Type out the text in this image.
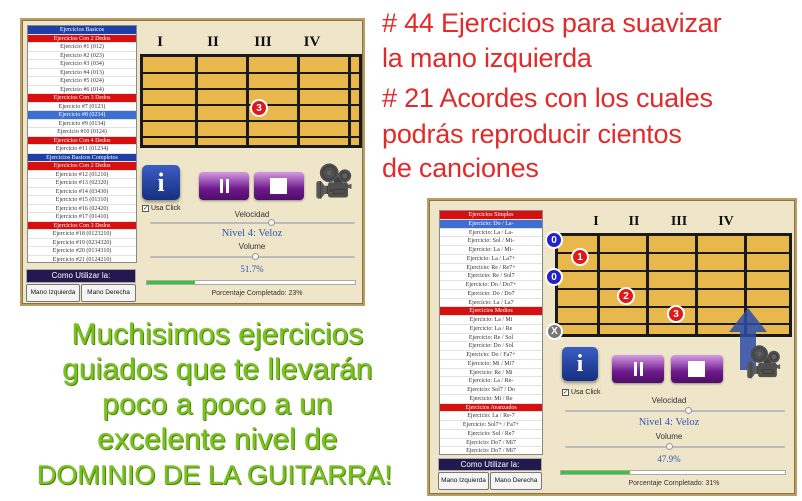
Ejercicios Basicos
Ejercicios Con 2 Dedos
Ejercicio #1 (012)
Ejercicio #2 (023)
Ejercicio #3 (034)
Ejercicio #4 (013)
Ejercicio #5 (024)
Ejercicio #6 (014)
Ejercicios Con 3 Dedos
Ejercicio #7 (0123)
Ejercicio #8 (0234)
Ejercicio #9 (0134)
Ejercicio #10 (0124)
Ejercicios Con 4 Dedos
Ejercicio #11 (01234)
Ejercicios Basicos Completos
Ejercicios Con 2 Dedos
Ejercicio #12 (01210)
Ejercicio #13 (02320)
Ejercicio #14 (03430)
Ejercicio #15 (01310)
Ejercicio #16 (02420)
Ejercicio #17 (01410)
Ejercicios Con 3 Dedos
Ejercicio #18 (0123210)
Ejercicio #19 (0234320)
Ejercicio #20 (0134310)
Ejercicio #21 (0124210)
I	II	III	IV
3
i	🎥
✓ Usa Click
Velocidad
Nivel 4: Veloz
Volume
51.7%
Porcentaje Completado: 23%
Como Utilizar la:
Mano Izquierda	Mano Derecha
Ejercicios Simples
Ejercicio: Do / La-
Ejercicio: La / La-
Ejercicio: Sol / Mi-
Ejercicio: La / Mi-
Ejercicio: La / La7+
Ejercicio: Re / Re7+
Ejercicio: Re / Sol7
Ejercicio: Do / Do7+
Ejercicio: Do / Do7
Ejercicio: La / La7
Ejercicios Medios
Ejercicio: La / Mi
Ejercicio: La / Re
Ejercicio: Re / Sol
Ejercicio: Do / Sol
Ejercicio: Do / Fa7+
Ejercicio: Mi / Mi7
Ejercicio: Re / Mi
Ejercicio: La / Re-
Ejercicio: Sol7 / Do
Ejercicio: Mi / Re
Ejercicios Avanzados
Ejercicio: La / Re-7
Ejercicio: Sol7+ / Fa7+
Ejercicio: Sol / Re7
Ejercicio: Do7 / Mi7
Ejercicio: Do7 / Mi7
I	II	III	IV
0
0
1
2
3
X
i	🎥
✓ Usa Click
Velocidad
Nivel 4: Veloz
Volume
47.9%
Porcentaje Completado: 31%
Como Utilizar la:
Mano Izquierda	Mano Derecha
# 44 Ejercicios para suavizar
la mano izquierda
# 21 Acordes con los cuales
podrás reproducir cientos
de canciones
Muchisimos ejercicios
guiados que te llevarán
poco a poco a un
excelente nivel de
DOMINIO DE LA GUITARRA!
